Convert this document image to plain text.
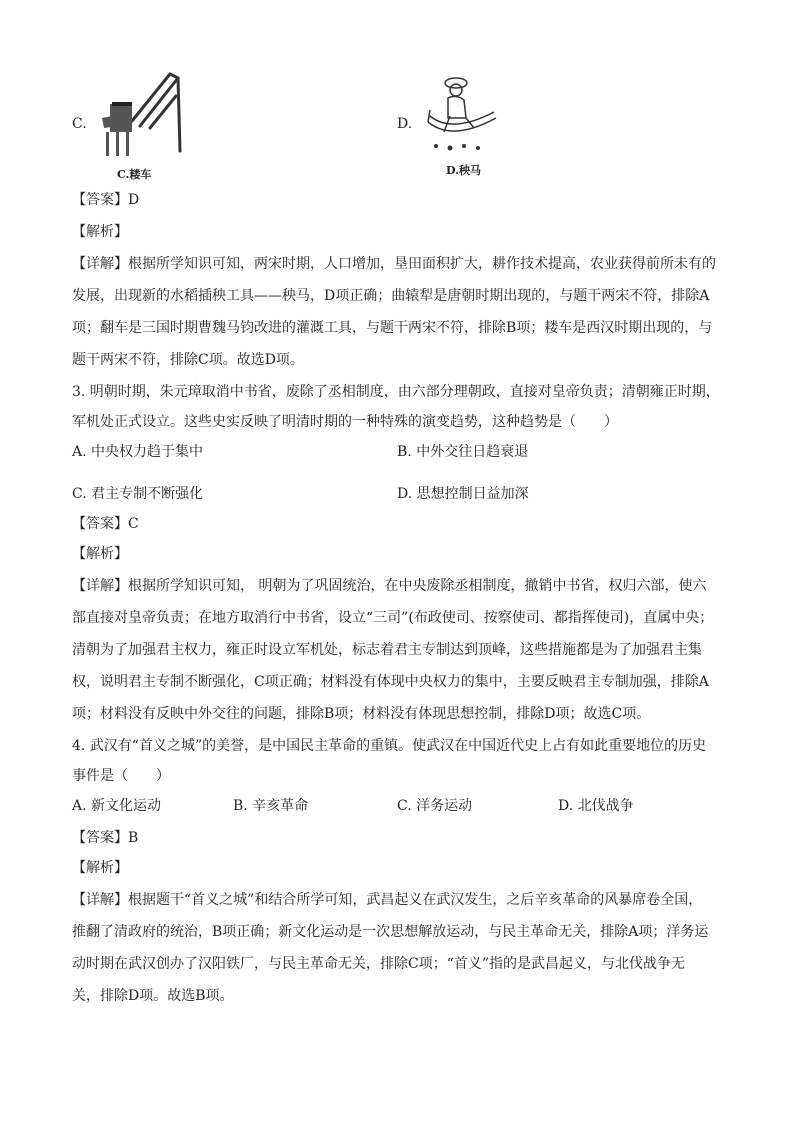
C.
C.耧车
D.
D.秧马
【答案】D
【解析】
【详解】根据所学知识可知，两宋时期，人口增加，垦田面积扩大，耕作技术提高，农业获得前所未有的
发展，出现新的水稻插秧工具——秧马，D项正确；曲辕犁是唐朝时期出现的，与题干两宋不符，排除A
项；翻车是三国时期曹魏马钧改进的灌溉工具，与题干两宋不符，排除B项；耧车是西汉时期出现的，与
题干两宋不符，排除C项。故选D项。
3. 明朝时期，朱元璋取消中书省，废除了丞相制度，由六部分理朝政，直接对皇帝负责；清朝雍正时期，
军机处正式设立。这些史实反映了明清时期的一种特殊的演变趋势，这种趋势是（　　）
A. 中央权力趋于集中	B. 中外交往日趋衰退
C. 君主专制不断强化	D. 思想控制日益加深
【答案】C
【解析】
【详解】根据所学知识可知， 明朝为了巩固统治，在中央废除丞相制度，撤销中书省，权归六部，使六
部直接对皇帝负责；在地方取消行中书省，设立“三司”(布政使司、按察使司、都指挥使司)，直属中央；
清朝为了加强君主权力，雍正时设立军机处，标志着君主专制达到顶峰，这些措施都是为了加强君主集
权，说明君主专制不断强化，C项正确；材料没有体现中央权力的集中，主要反映君主专制加强，排除A
项；材料没有反映中外交往的问题，排除B项；材料没有体现思想控制，排除D项；故选C项。
4. 武汉有“首义之城”的美誉，是中国民主革命的重镇。使武汉在中国近代史上占有如此重要地位的历史
事件是（　　）
A. 新文化运动	B. 辛亥革命	C. 洋务运动	D. 北伐战争
【答案】B
【解析】
【详解】根据题干“首义之城”和结合所学可知，武昌起义在武汉发生，之后辛亥革命的风暴席卷全国，
推翻了清政府的统治，B项正确；新文化运动是一次思想解放运动，与民主革命无关，排除A项；洋务运
动时期在武汉创办了汉阳铁厂，与民主革命无关，排除C项；“首义”指的是武昌起义，与北伐战争无
关，排除D项。故选B项。
